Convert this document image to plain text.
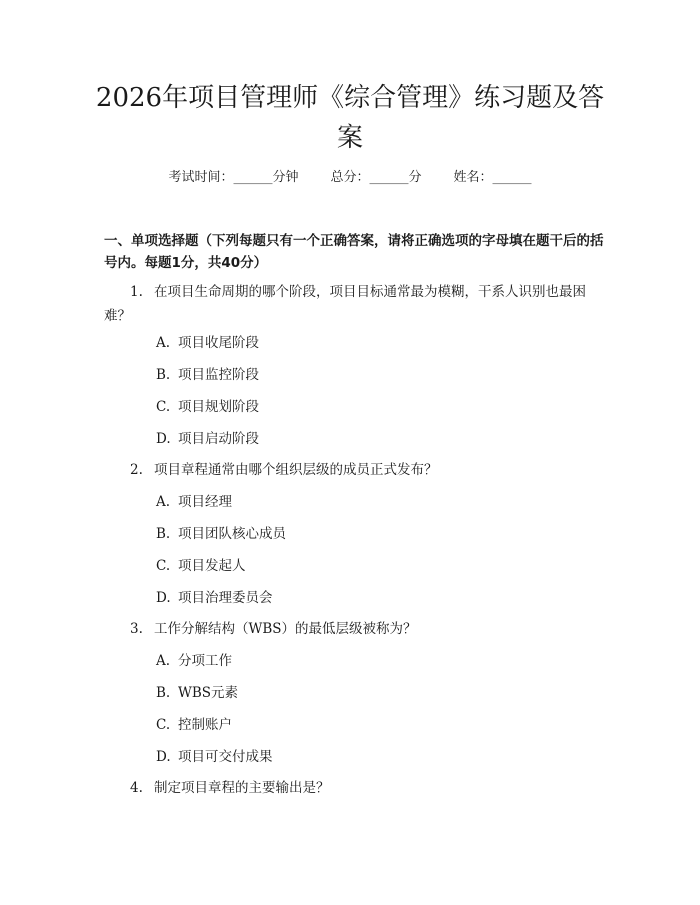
2026年项目管理师《综合管理》练习题及答案
考试时间：______分钟 总分：______分 姓名：______

一、单项选择题（下列每题只有一个正确答案，请将正确选项的字母填在题干后的括号内。每题1分，共40分）

1. 在项目生命周期的哪个阶段，项目目标通常最为模糊，干系人识别也最困难？
A. 项目收尾阶段
B. 项目监控阶段
C. 项目规划阶段
D. 项目启动阶段
2. 项目章程通常由哪个组织层级的成员正式发布？
A. 项目经理
B. 项目团队核心成员
C. 项目发起人
D. 项目治理委员会
3. 工作分解结构（WBS）的最低层级被称为？
A. 分项工作
B. WBS元素
C. 控制账户
D. 项目可交付成果
4. 制定项目章程的主要输出是？
